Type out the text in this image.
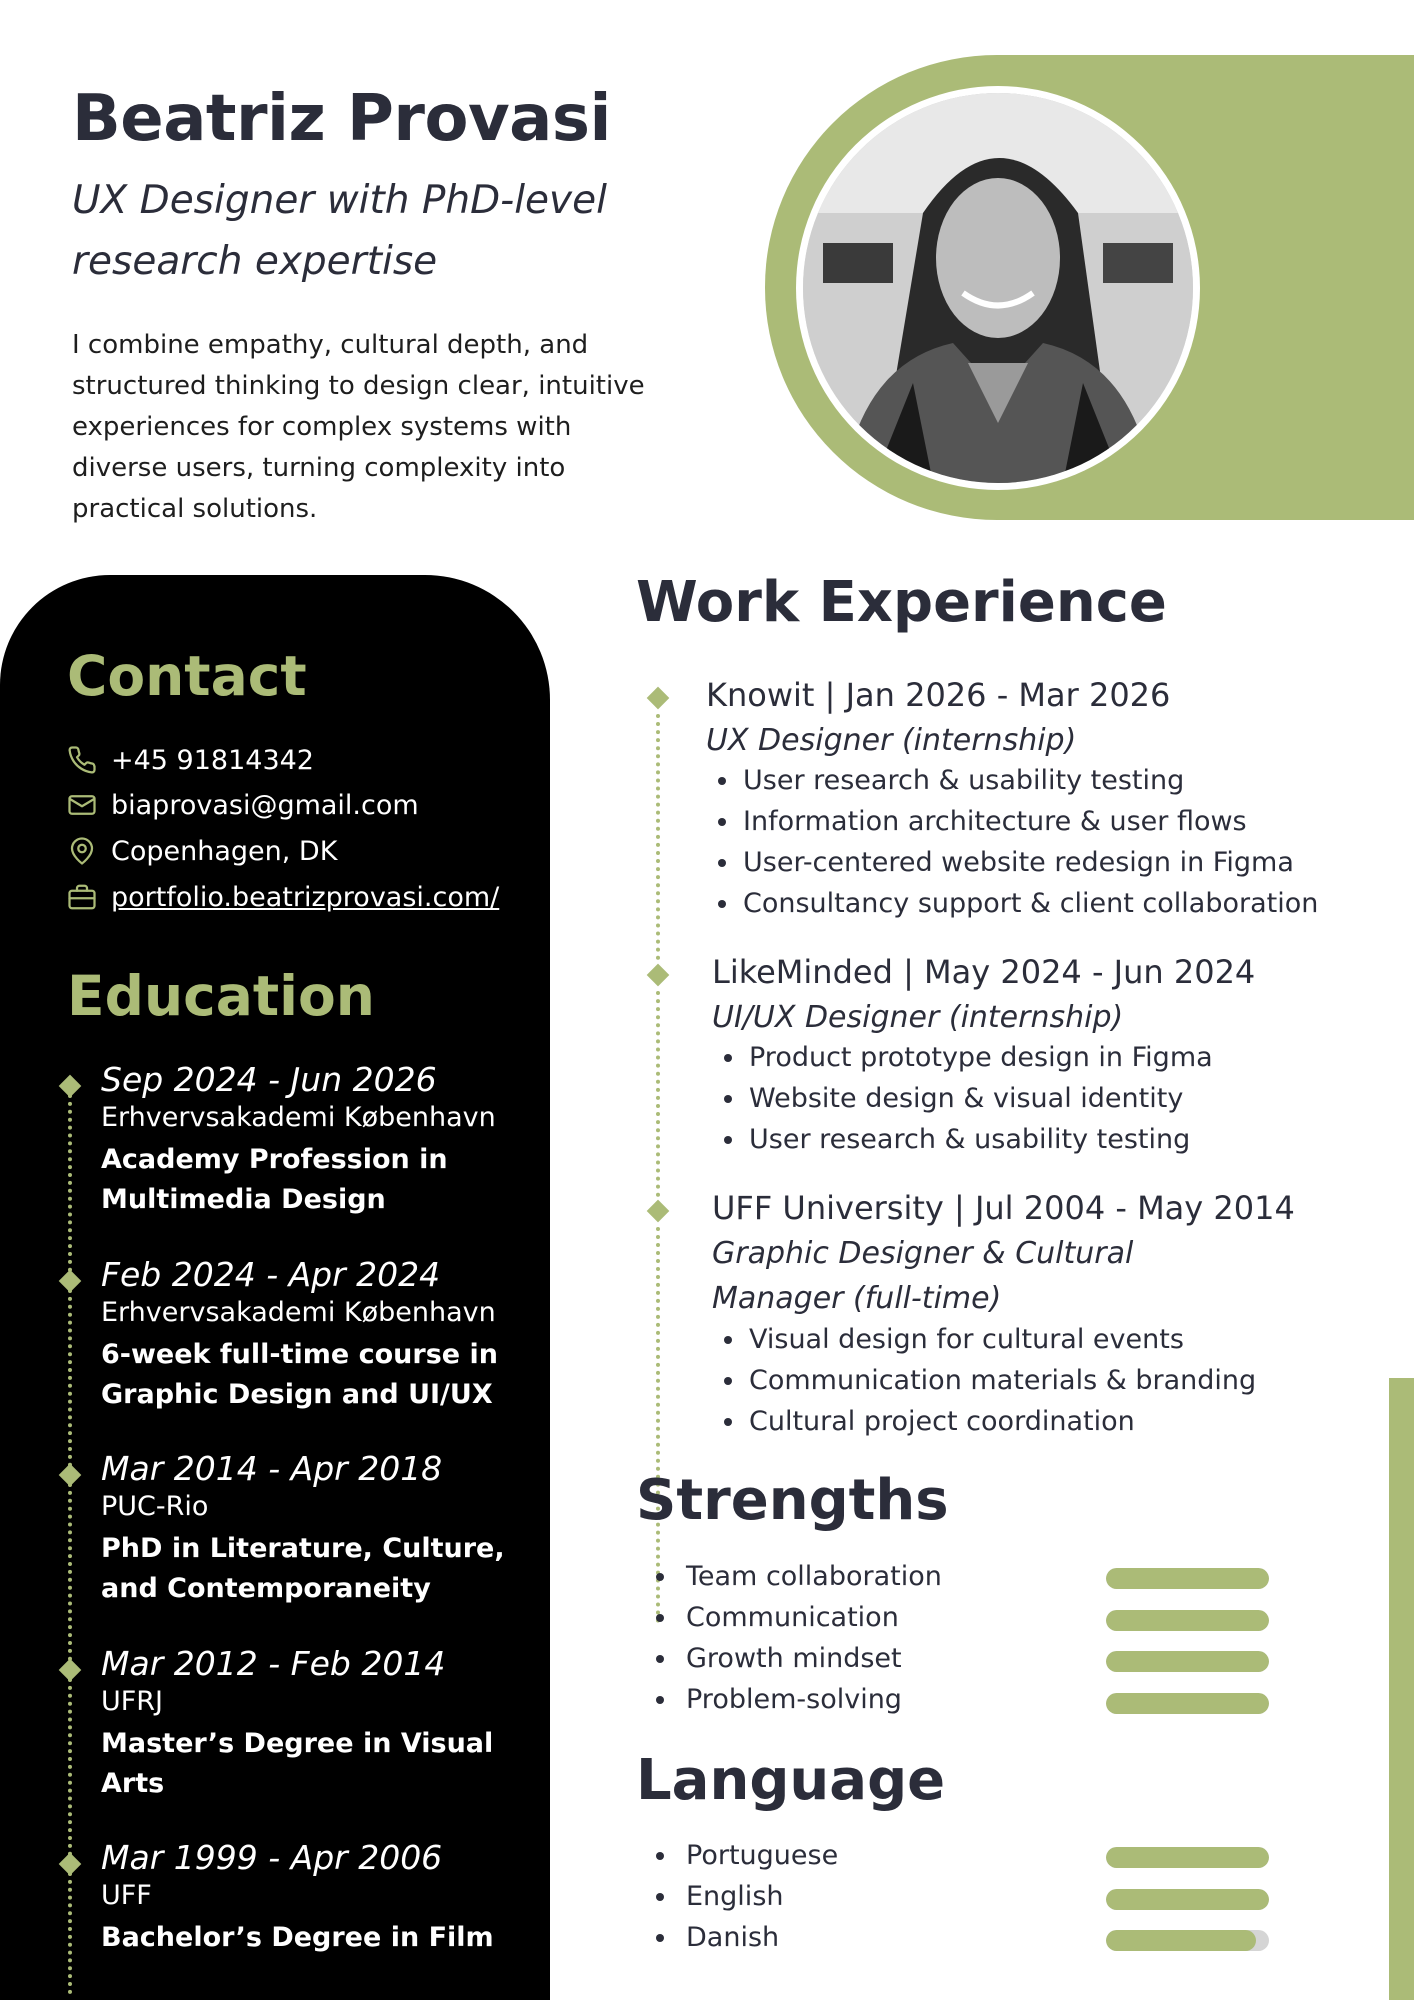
Beatriz Provasi
UX Designer with PhD-level
research expertise
I combine empathy, cultural depth, and structured thinking to design clear, intuitive experiences for complex systems with diverse users, turning complexity into practical solutions.
Contact
+45 91814342
biaprovasi@gmail.com
Copenhagen, DK
portfolio.beatrizprovasi.com/
Education
Sep 2024 - Jun 2026
Erhvervsakademi København
Academy Profession in Multimedia Design
Feb 2024 - Apr 2024
Erhvervsakademi København
6-week full-time course in Graphic Design and UI/UX
Mar 2014 - Apr 2018
PUC-Rio
PhD in Literature, Culture, and Contemporaneity
Mar 2012 - Feb 2014
UFRJ
Master’s Degree in Visual Arts
Mar 1999 - Apr 2006
UFF
Bachelor’s Degree in Film
Work Experience
Knowit | Jan 2026 - Mar 2026
UX Designer (internship)
User research & usability testing
Information architecture & user flows
User-centered website redesign in Figma
Consultancy support & client collaboration
LikeMinded | May 2024 - Jun 2024
UI/UX Designer (internship)
Product prototype design in Figma
Website design & visual identity
User research & usability testing
UFF University | Jul 2004 - May 2014
Graphic Designer & Cultural Manager (full-time)
Visual design for cultural events
Communication materials & branding
Cultural project coordination
Strengths
Team collaboration
Communication
Growth mindset
Problem-solving
Language
Portuguese
English
Danish
